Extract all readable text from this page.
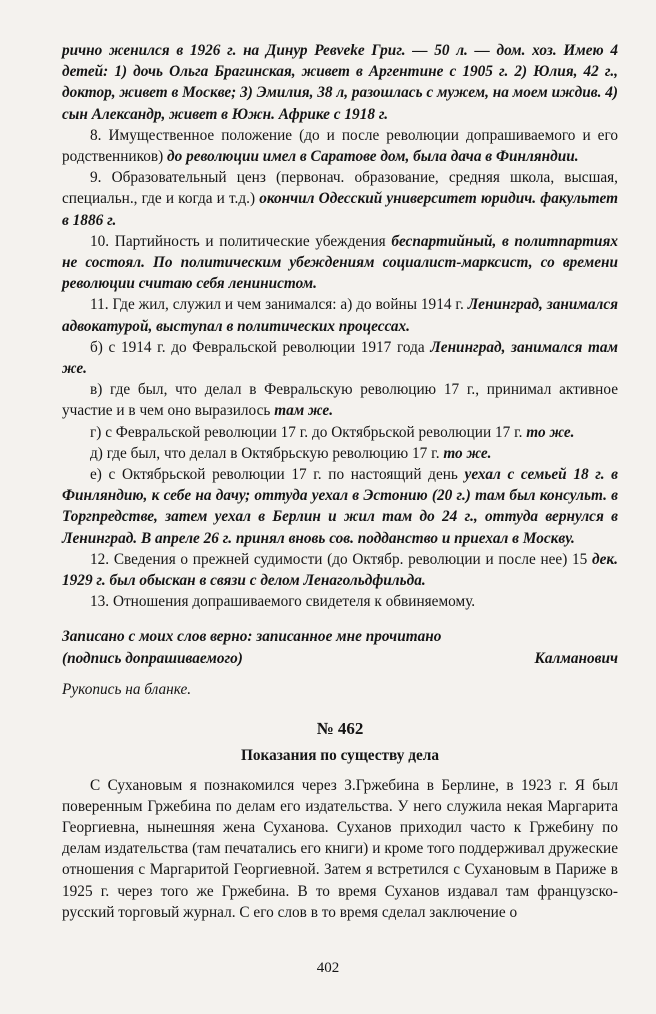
рично женился в 1926 г. на Динур Ревveke Григ. — 50 л. — дом. хоз. Имею 4 детей: 1) дочь Ольга Брагинская, живет в Аргентине с 1905 г. 2) Юлия, 42 г., доктор, живет в Москве; 3) Эмилия, 38 л, разошлась с мужем, на моем иждив. 4) сын Александр, живет в Южн. Африке с 1918 г.

8. Имущественное положение (до и после революции допрашиваемого и его родственников) до революции имел в Саратове дом, была дача в Финляндии.

9. Образовательный ценз (первонач. образование, средняя школа, высшая, специальн., где и когда и т.д.) окончил Одесский университет юридич. факультет в 1886 г.

10. Партийность и политические убеждения беспартийный, в политпартиях не состоял. По политическим убеждениям социалист-марксист, со времени революции считаю себя ленинистом.

11. Где жил, служил и чем занимался: а) до войны 1914 г. Ленинград, занимался адвокатурой, выступал в политических процессах.

б) с 1914 г. до Февральской революции 1917 года Ленинград, занимался там же.

в) где был, что делал в Февральскую революцию 17 г., принимал активное участие и в чем оно выразилось там же.

г) с Февральской революции 17 г. до Октябрьской революции 17 г. то же.

д) где был, что делал в Октябрьскую революцию 17 г. то же.

е) с Октябрьской революции 17 г. по настоящий день уехал с семьей 18 г. в Финляндию, к себе на дачу; оттуда уехал в Эстонию (20 г.) там был консульт. в Торгпредстве, затем уехал в Берлин и жил там до 24 г., оттуда вернулся в Ленинград. В апреле 26 г. принял вновь сов. подданство и приехал в Москву.

12. Сведения о прежней судимости (до Октябр. революции и после нее) 15 дек. 1929 г. был обыскан в связи с делом Ленагольдфильда.

13. Отношения допрашиваемого свидетеля к обвиняемому.

Записано с моих слов верно: записанное мне прочитано
(подпись допрашиваемого)	Калманович
Рукопись на бланке.
№ 462
Показания по существу дела

С Сухановым я познакомился через З.Гржебина в Берлине, в 1923 г. Я был поверенным Гржебина по делам его издательства. У него служила некая Маргарита Георгиевна, нынешняя жена Суханова. Суханов приходил часто к Гржебину по делам издательства (там печатались его книги) и кроме того поддерживал дружеские отношения с Маргаритой Георгиевной. Затем я встретился с Сухановым в Париже в 1925 г. через того же Гржебина. В то время Суханов издавал там французско-русский торговый журнал. С его слов в то время сделал заключение о

402
